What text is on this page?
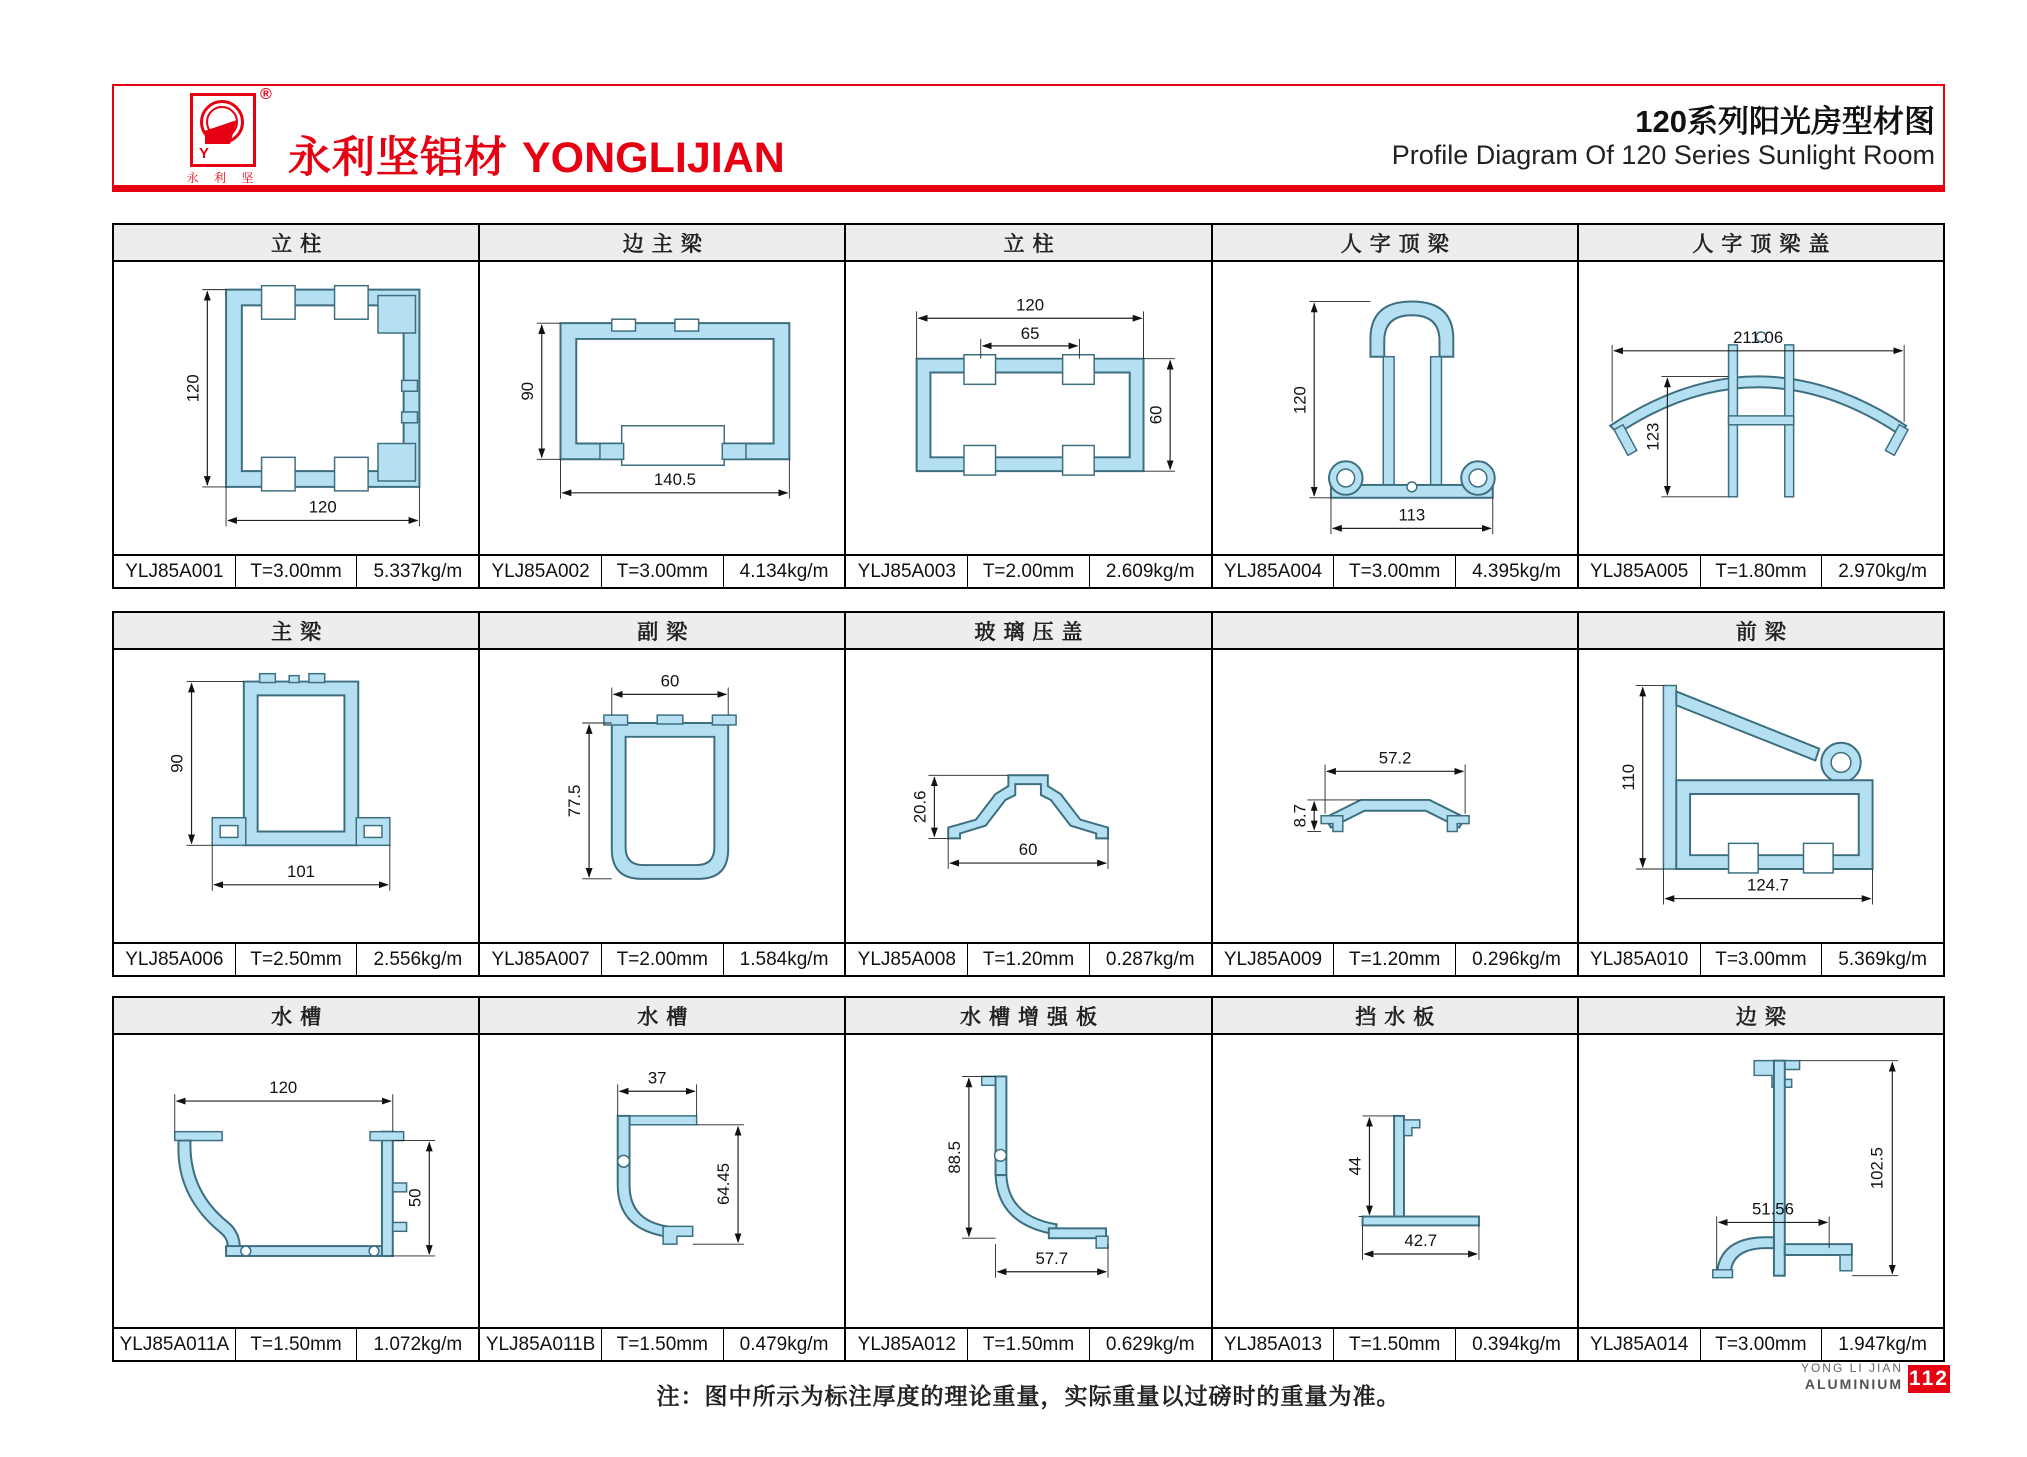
Y
®
永 利 坚 永利坚铝材 YONGLIJIAN
120系列阳光房型材图
Profile Diagram Of 120 Series Sunlight Room
立柱
120
120
YLJ85A001	T=3.00mm	5.337kg/m
边主梁
90
140.5
YLJ85A002	T=3.00mm	4.134kg/m
立柱
120
65
60
YLJ85A003	T=2.00mm	2.609kg/m
人字顶梁
120
113
YLJ85A004	T=3.00mm	4.395kg/m
人字顶梁盖
211.06
123
YLJ85A005	T=1.80mm	2.970kg/m
主梁
90
101
YLJ85A006	T=2.50mm	2.556kg/m
副梁
60
77.5
YLJ85A007	T=2.00mm	1.584kg/m
玻璃压盖
20.6
60
YLJ85A008	T=1.20mm	0.287kg/m
57.2
8.7
YLJ85A009	T=1.20mm	0.296kg/m
前梁
110
124.7
YLJ85A010	T=3.00mm	5.369kg/m
水槽
120
50
YLJ85A011A	T=1.50mm	1.072kg/m
水槽
37
64.45
YLJ85A011B	T=1.50mm	0.479kg/m
水槽增强板
88.5
57.7
YLJ85A012	T=1.50mm	0.629kg/m
挡水板
44
42.7
YLJ85A013	T=1.50mm	0.394kg/m
边梁
102.5
51.56
YLJ85A014	T=3.00mm	1.947kg/m
注：图中所示为标注厚度的理论重量，实际重量以过磅时的重量为准。
YONG LI JIAN
ALUMINIUM 112
